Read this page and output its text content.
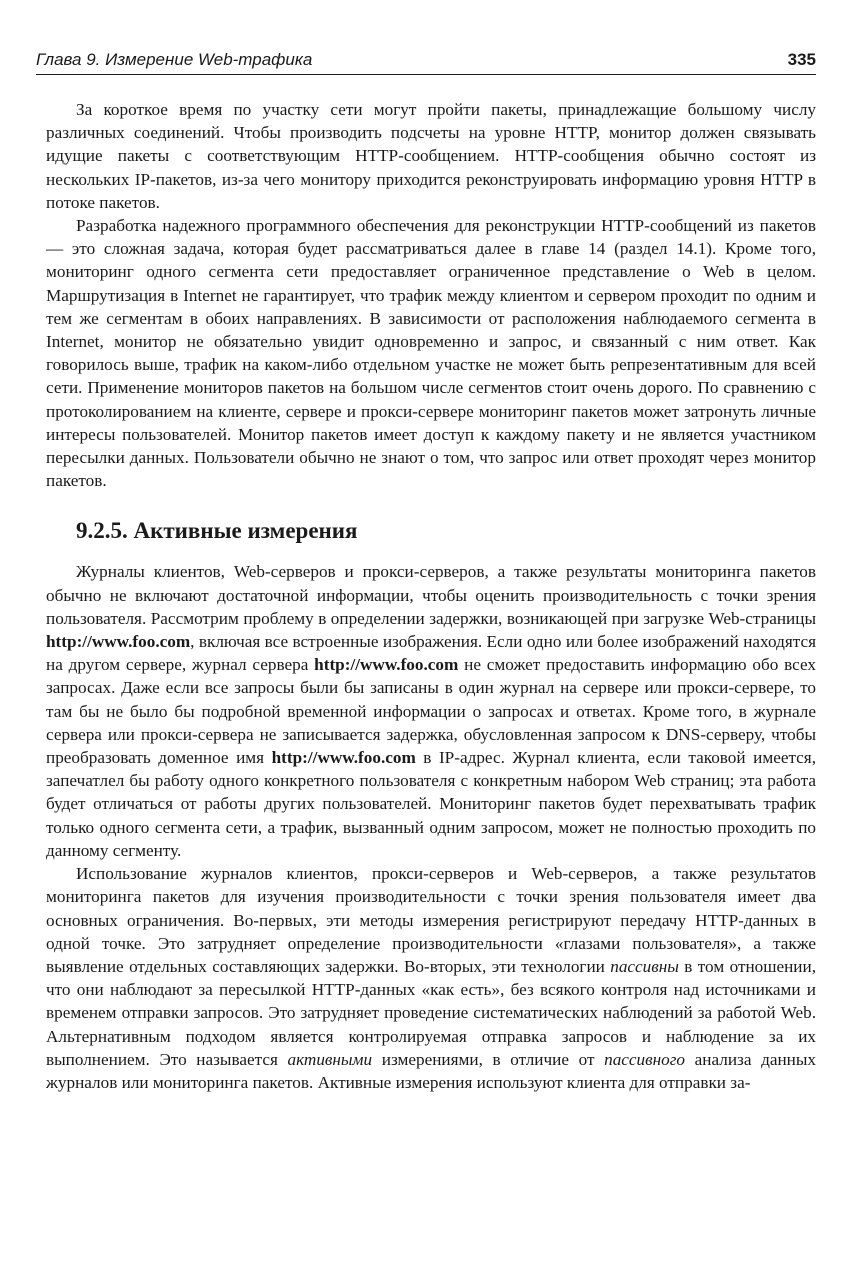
Глава 9. Измерение Web-трафика	335

За короткое время по участку сети могут пройти пакеты, принадлежащие большому числу различных соединений. Чтобы производить подсчеты на уровне HTTP, монитор должен связывать идущие пакеты с соответствующим HTTP-сообщением. HTTP-сообщения обычно состоят из нескольких IP-пакетов, из-за чего монитору приходится реконструировать информацию уровня HTTP в потоке пакетов.

Разработка надежного программного обеспечения для реконструкции HTTP-сообщений из пакетов — это сложная задача, которая будет рассматриваться далее в главе 14 (раздел 14.1). Кроме того, мониторинг одного сегмента сети предоставляет ограниченное представление о Web в целом. Маршрутизация в Internet не гарантирует, что трафик между клиентом и сервером проходит по одним и тем же сегментам в обоих направлениях. В зависимости от расположения наблюдаемого сегмента в Internet, монитор не обязательно увидит одновременно и запрос, и связанный с ним ответ. Как говорилось выше, трафик на каком-либо отдельном участке не может быть репрезентативным для всей сети. Применение мониторов пакетов на большом числе сегментов стоит очень дорого. По сравнению с протоколированием на клиенте, сервере и прокси-сервере мониторинг пакетов может затронуть личные интересы пользователей. Монитор пакетов имеет доступ к каждому пакету и не является участником пересылки данных. Пользователи обычно не знают о том, что запрос или ответ проходят через монитор пакетов.

9.2.5. Активные измерения

Журналы клиентов, Web-серверов и прокси-серверов, а также результаты мониторинга пакетов обычно не включают достаточной информации, чтобы оценить производительность с точки зрения пользователя. Рассмотрим проблему в определении задержки, возникающей при загрузке Web-страницы http://www.foo.com, включая все встроенные изображения. Если одно или более изображений находятся на другом сервере, журнал сервера http://www.foo.com не сможет предоставить информацию обо всех запросах. Даже если все запросы были бы записаны в один журнал на сервере или прокси-сервере, то там бы не было бы подробной временной информации о запросах и ответах. Кроме того, в журнале сервера или прокси-сервера не записывается задержка, обусловленная запросом к DNS-серверу, чтобы преобразовать доменное имя http://www.foo.com в IP-адрес. Журнал клиента, если таковой имеется, запечатлел бы работу одного конкретного пользователя с конкретным набором Web страниц; эта работа будет отличаться от работы других пользователей. Мониторинг пакетов будет перехватывать трафик только одного сегмента сети, а трафик, вызванный одним запросом, может не полностью проходить по данному сегменту.

Использование журналов клиентов, прокси-серверов и Web-серверов, а также результатов мониторинга пакетов для изучения производительности с точки зрения пользователя имеет два основных ограничения. Во-первых, эти методы измерения регистрируют передачу HTTP-данных в одной точке. Это затрудняет определение производительности «глазами пользователя», а также выявление отдельных составляющих задержки. Во-вторых, эти технологии пассивны в том отношении, что они наблюдают за пересылкой HTTP-данных «как есть», без всякого контроля над источниками и временем отправки запросов. Это затрудняет проведение систематических наблюдений за работой Web. Альтернативным подходом является контролируемая отправка запросов и наблюдение за их выполнением. Это называется активными измерениями, в отличие от пассивного анализа данных журналов или мониторинга пакетов. Активные измерения используют клиента для отправки за-
